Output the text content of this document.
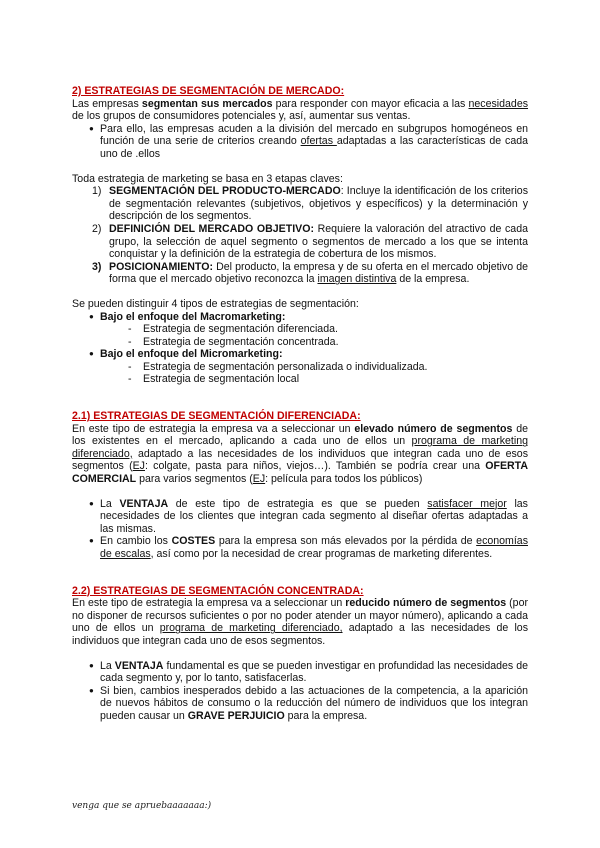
2) ESTRATEGIAS DE SEGMENTACIÓN DE MERCADO:

Las empresas segmentan sus mercados para responder con mayor eficacia a las necesidades de los grupos de consumidores potenciales y, así, aumentar sus ventas.

● Para ello, las empresas acuden a la división del mercado en subgrupos homogéneos en función de una serie de criterios creando ofertas adaptadas a las características de cada uno de .ellos

Toda estrategia de marketing se basa en 3 etapas claves:

1) SEGMENTACIÓN DEL PRODUCTO-MERCADO: Incluye la identificación de los criterios de segmentación relevantes (subjetivos, objetivos y específicos) y la determinación y descripción de los segmentos.
2) DEFINICIÓN DEL MERCADO OBJETIVO: Requiere la valoración del atractivo de cada grupo, la selección de aquel segmento o segmentos de mercado a los que se intenta conquistar y la definición de la estrategia de cobertura de los mismos.
3) POSICIONAMIENTO: Del producto, la empresa y de su oferta en el mercado objetivo de forma que el mercado objetivo reconozca la imagen distintiva de la empresa.

Se pueden distinguir 4 tipos de estrategias de segmentación:

● Bajo el enfoque del Macromarketing:
- Estrategia de segmentación diferenciada.
- Estrategia de segmentación concentrada.
● Bajo el enfoque del Micromarketing:
- Estrategia de segmentación personalizada o individualizada.
- Estrategia de segmentación local

2.1) ESTRATEGIAS DE SEGMENTACIÓN DIFERENCIADA:

En este tipo de estrategia la empresa va a seleccionar un elevado número de segmentos de los existentes en el mercado, aplicando a cada uno de ellos un programa de marketing diferenciado, adaptado a las necesidades de los individuos que integran cada uno de esos segmentos (EJ: colgate, pasta para niños, viejos…). También se podría crear una OFERTA COMERCIAL para varios segmentos (EJ: película para todos los públicos)

● La VENTAJA de este tipo de estrategia es que se pueden satisfacer mejor las necesidades de los clientes que integran cada segmento al diseñar ofertas adaptadas a las mismas.
● En cambio los COSTES para la empresa son más elevados por la pérdida de economías de escalas, así como por la necesidad de crear programas de marketing diferentes.

2.2) ESTRATEGIAS DE SEGMENTACIÓN CONCENTRADA:

En este tipo de estrategia la empresa va a seleccionar un reducido número de segmentos (por no disponer de recursos suficientes o por no poder atender un mayor número), aplicando a cada uno de ellos un programa de marketing diferenciado, adaptado a las necesidades de los individuos que integran cada uno de esos segmentos.

● La VENTAJA fundamental es que se pueden investigar en profundidad las necesidades de cada segmento y, por lo tanto, satisfacerlas.
● Si bien, cambios inesperados debido a las actuaciones de la competencia, a la aparición de nuevos hábitos de consumo o la reducción del número de individuos que los integran pueden causar un GRAVE PERJUICIO para la empresa.
venga que se apruebaaaaaaa:)
